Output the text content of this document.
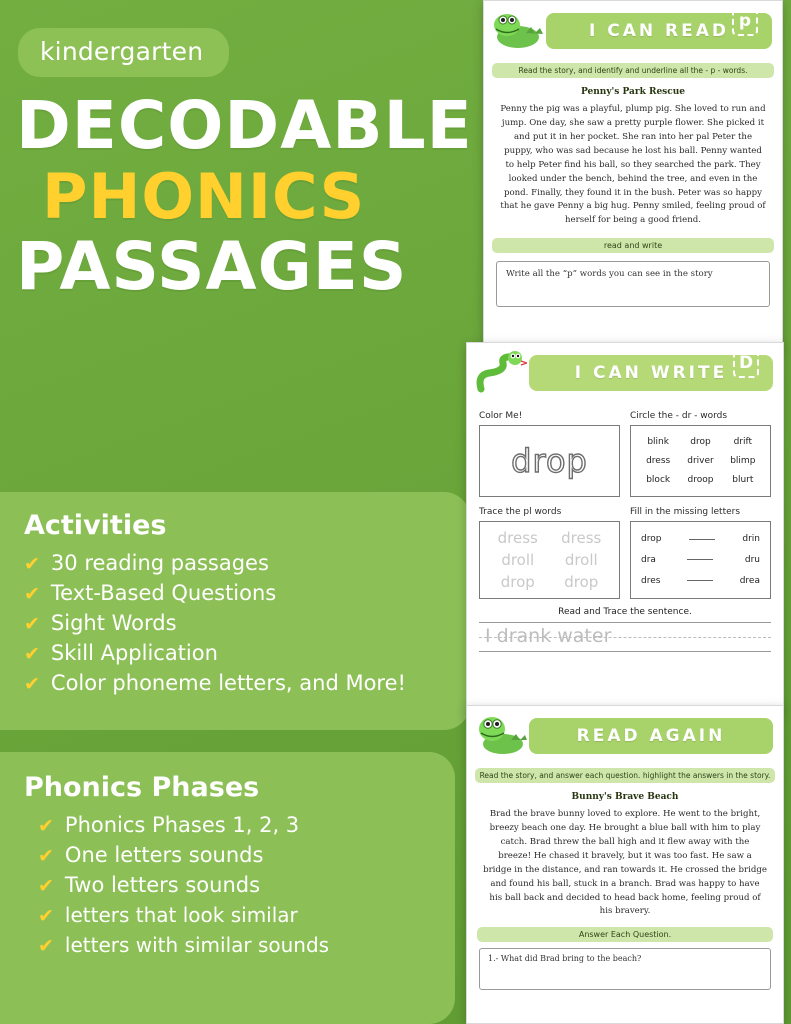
kindergarten
DECODABLE
PHONICS
PASSAGES
Activities
✔ 30 reading passages
✔ Text-Based Questions
✔ Sight Words
✔ Skill Application
✔ Color phoneme letters, and More!
Phonics Phases
✔ Phonics Phases 1, 2, 3
✔ One letters sounds
✔ Two letters sounds
✔ letters that look similar
✔ letters with similar sounds
I CAN READ p
Read the story, and identify and underline all the - p - words.
Penny's Park Rescue
Penny the pig was a playful, plump pig. She loved to run and jump. One day, she saw a pretty purple flower. She picked it and put it in her pocket. She ran into her pal Peter the puppy, who was sad because he lost his ball. Penny wanted to help Peter find his ball, so they searched the park. They looked under the bench, behind the tree, and even in the pond. Finally, they found it in the bush. Peter was so happy that he gave Penny a big hug. Penny smiled, feeling proud of herself for being a good friend.
read and write
Write all the “p” words you can see in the story
I CAN WRITE D
Color Me!
drop
Circle the - dr - words
blink	drop	drift
dress	driver	blimp
block	droop	blurt
Trace the pl words
dress dress
droll droll
drop drop
Fill in the missing letters
drop	drin
dra	dru
dres	drea
Read and Trace the sentence.
I drank water
READ AGAIN
Read the story, and answer each question. highlight the answers in the story.
Bunny's Brave Beach
Brad the brave bunny loved to explore. He went to the bright, breezy beach one day. He brought a blue ball with him to play catch. Brad threw the ball high and it flew away with the breeze! He chased it bravely, but it was too fast. He saw a bridge in the distance, and ran towards it. He crossed the bridge and found his ball, stuck in a branch. Brad was happy to have his ball back and decided to head back home, feeling proud of his bravery.
Answer Each Question.
1.- What did Brad bring to the beach?
